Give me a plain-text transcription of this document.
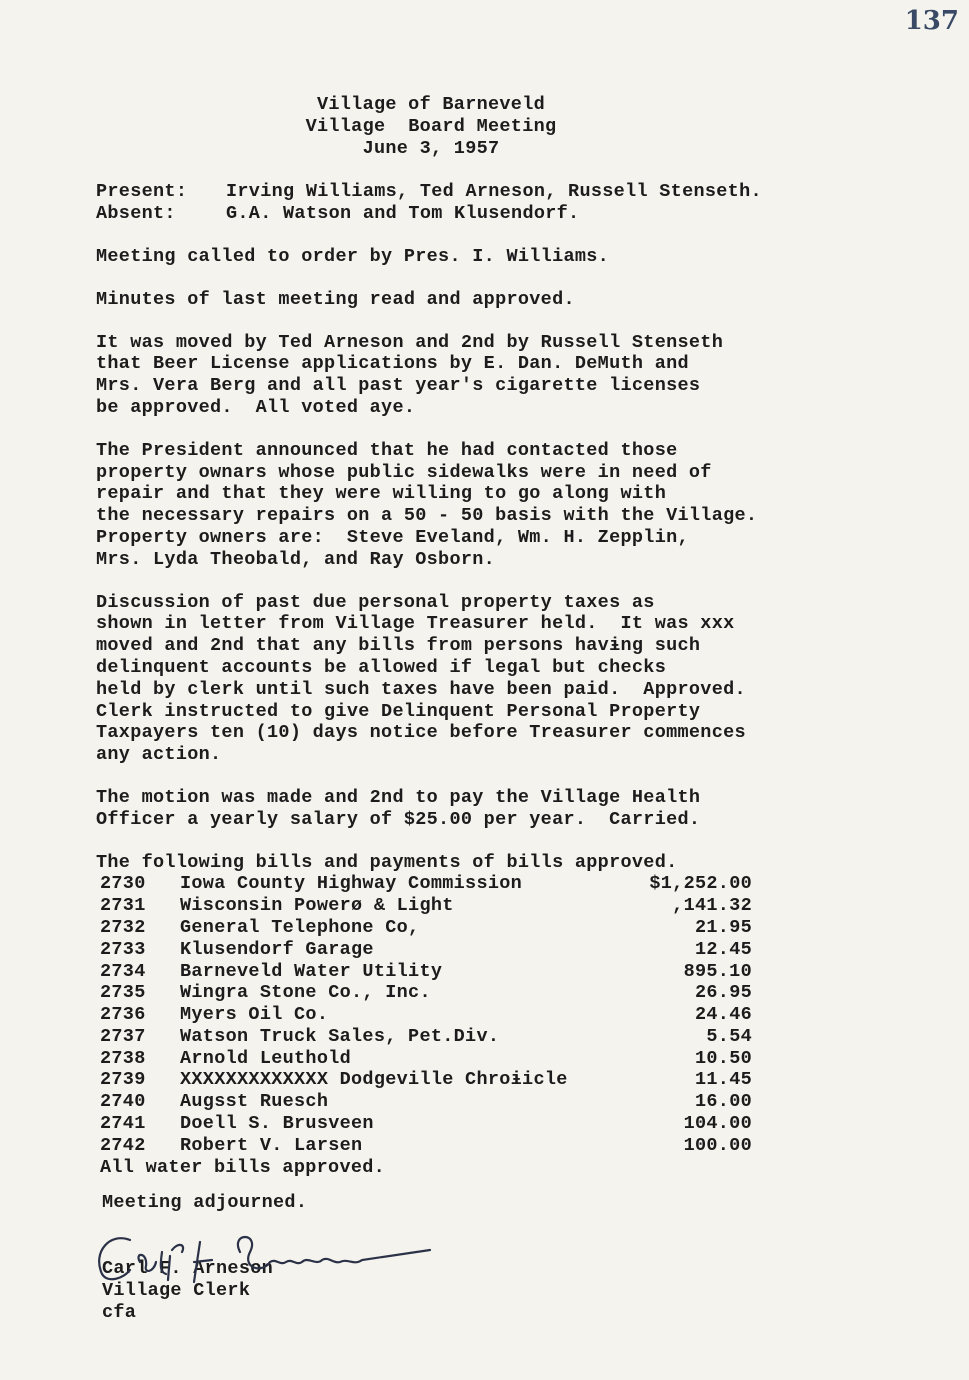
137
Village of Barneveld
Village  Board Meeting
June 3, 1957
Present:	Irving Williams, Ted Arneson, Russell Stenseth.
Absent:	G.A. Watson and Tom Klusendorf.
Meeting called to order by Pres. I. Williams.
Minutes of last meeting read and approved.
It was moved by Ted Arneson and 2nd by Russell Stenseth
that Beer License applications by E. Dan. DeMuth and
Mrs. Vera Berg and all past year's cigarette licenses
be approved.  All voted aye.
The President announced that he had contacted those
property ownars whose public sidewalks were in need of
repair and that they were willing to go along with
the necessary repairs on a 50 - 50 basis with the Village.
Property owners are:  Steve Eveland, Wm. H. Zepplin,
Mrs. Lyda Theobald, and Ray Osborn.
Discussion of past due personal property taxes as
shown in letter from Village Treasurer held.  It was xxx
moved and 2nd that any bills from persons havɨng such
delinquent accounts be allowed if legal but checks
held by clerk until such taxes have been paid.  Approved.
Clerk instructed to give Delinquent Personal Property
Taxpayers ten (10) days notice before Treasurer commences
any action.
The motion was made and 2nd to pay the Village Health
Officer a yearly salary of $25.00 per year.  Carried.
The following bills and payments of bills approved.
2730	Iowa County Highway Commission	$1,252.00
2731	Wisconsin Powerø & Light	,141.32
2732	General Telephone Co,	21.95
2733	Klusendorf Garage	12.45
2734	Barneveld Water Utility	895.10
2735	Wingra Stone Co., Inc.	26.95
2736	Myers Oil Co.	24.46
2737	Watson Truck Sales, Pet.Div.	5.54
2738	Arnold Leuthold	10.50
2739	XXXXXXXXXXXXX Dodgeville Chroɨicle	11.45
2740	Augsst Ruesch	16.00
2741	Doell S. Brusveen	104.00
2742	Robert V. Larsen	100.00
All water bills approved.
Meeting adjourned.
Carl F. Arneson
Village Clerk
cfa
Carl F. Arneson
